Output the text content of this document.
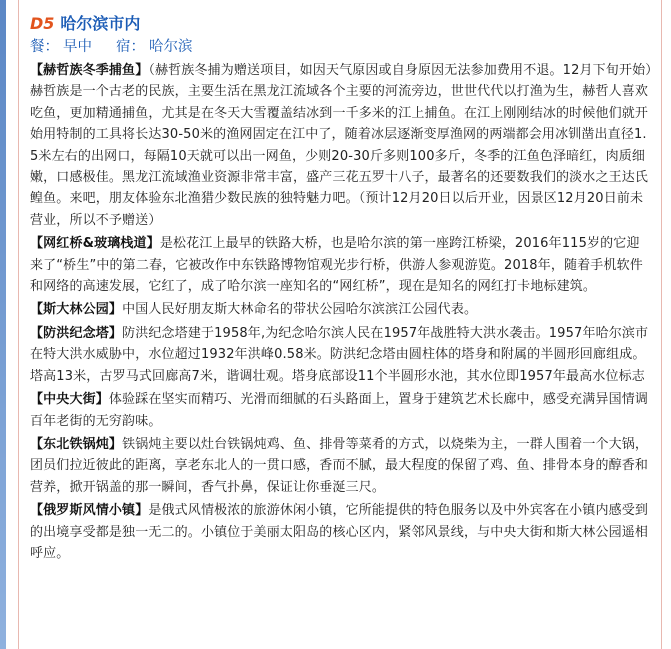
D5 哈尔滨市内
餐： 早中 宿： 哈尔滨

【赫哲族冬季捕鱼】（赫哲族冬捕为赠送项目，如因天气原因或自身原因无法参加费用不退。12月下旬开始）赫哲族是一个古老的民族，主要生活在黑龙江流域各个主要的河流旁边，世世代代以打渔为生，赫哲人喜欢吃鱼，更加精通捕鱼，尤其是在冬天大雪覆盖结冰到一千多米的江上捕鱼。在江上刚刚结冰的时候他们就开始用特制的工具将长达30-50米的渔网固定在江中了，随着冰层逐渐变厚渔网的两端都会用冰钏凿出直径1.5米左右的出网口，每隔10天就可以出一网鱼，少则20-30斤多则100多斤，冬季的江鱼色泽暗红，肉质细嫩，口感极佳。黑龙江流域渔业资源非常丰富，盛产三花五罗十八子，最著名的还要数我们的淡水之王达氏鳇鱼。来吧，朋友体验东北渔猎少数民族的独特魅力吧。（预计12月20日以后开业，因景区12月20日前未营业，所以不予赠送）

【网红桥&玻璃栈道】是松花江上最早的铁路大桥，也是哈尔滨的第一座跨江桥梁，2016年115岁的它迎来了“桥生”中的第二春，它被改作中东铁路博物馆观光步行桥，供游人参观游览。2018年，随着手机软件和网络的高速发展，它红了，成了哈尔滨一座知名的“网红桥”，现在是知名的网红打卡地标建筑。

【斯大林公园】中国人民好朋友斯大林命名的带状公园哈尔滨滨江公园代表。

【防洪纪念塔】防洪纪念塔建于1958年,为纪念哈尔滨人民在1957年战胜特大洪水袭击。1957年哈尔滨市在特大洪水威胁中，水位超过1932年洪峰0.58米。防洪纪念塔由圆柱体的塔身和附属的半圆形回廊组成。塔高13米，古罗马式回廊高7米，谐调壮观。塔身底部设11个半圆形水池，其水位即1957年最高水位标志

【中央大街】体验踩在坚实而精巧、光滑而细腻的石头路面上，置身于建筑艺术长廊中，感受充满异国情调百年老街的无穷韵味。

【东北铁锅炖】铁锅炖主要以灶台铁锅炖鸡、鱼、排骨等菜肴的方式，以烧柴为主，一群人围着一个大锅，团员们拉近彼此的距离，享老东北人的一贯口感，香而不腻，最大程度的保留了鸡、鱼、排骨本身的醇香和营养，掀开锅盖的那一瞬间，香气扑鼻，保证让你垂涎三尺。

【俄罗斯风情小镇】是俄式风情极浓的旅游休闲小镇，它所能提供的特色服务以及中外宾客在小镇内感受到的出境享受都是独一无二的。小镇位于美丽太阳岛的核心区内，紧邻风景线，与中央大街和斯大林公园遥相呼应。
